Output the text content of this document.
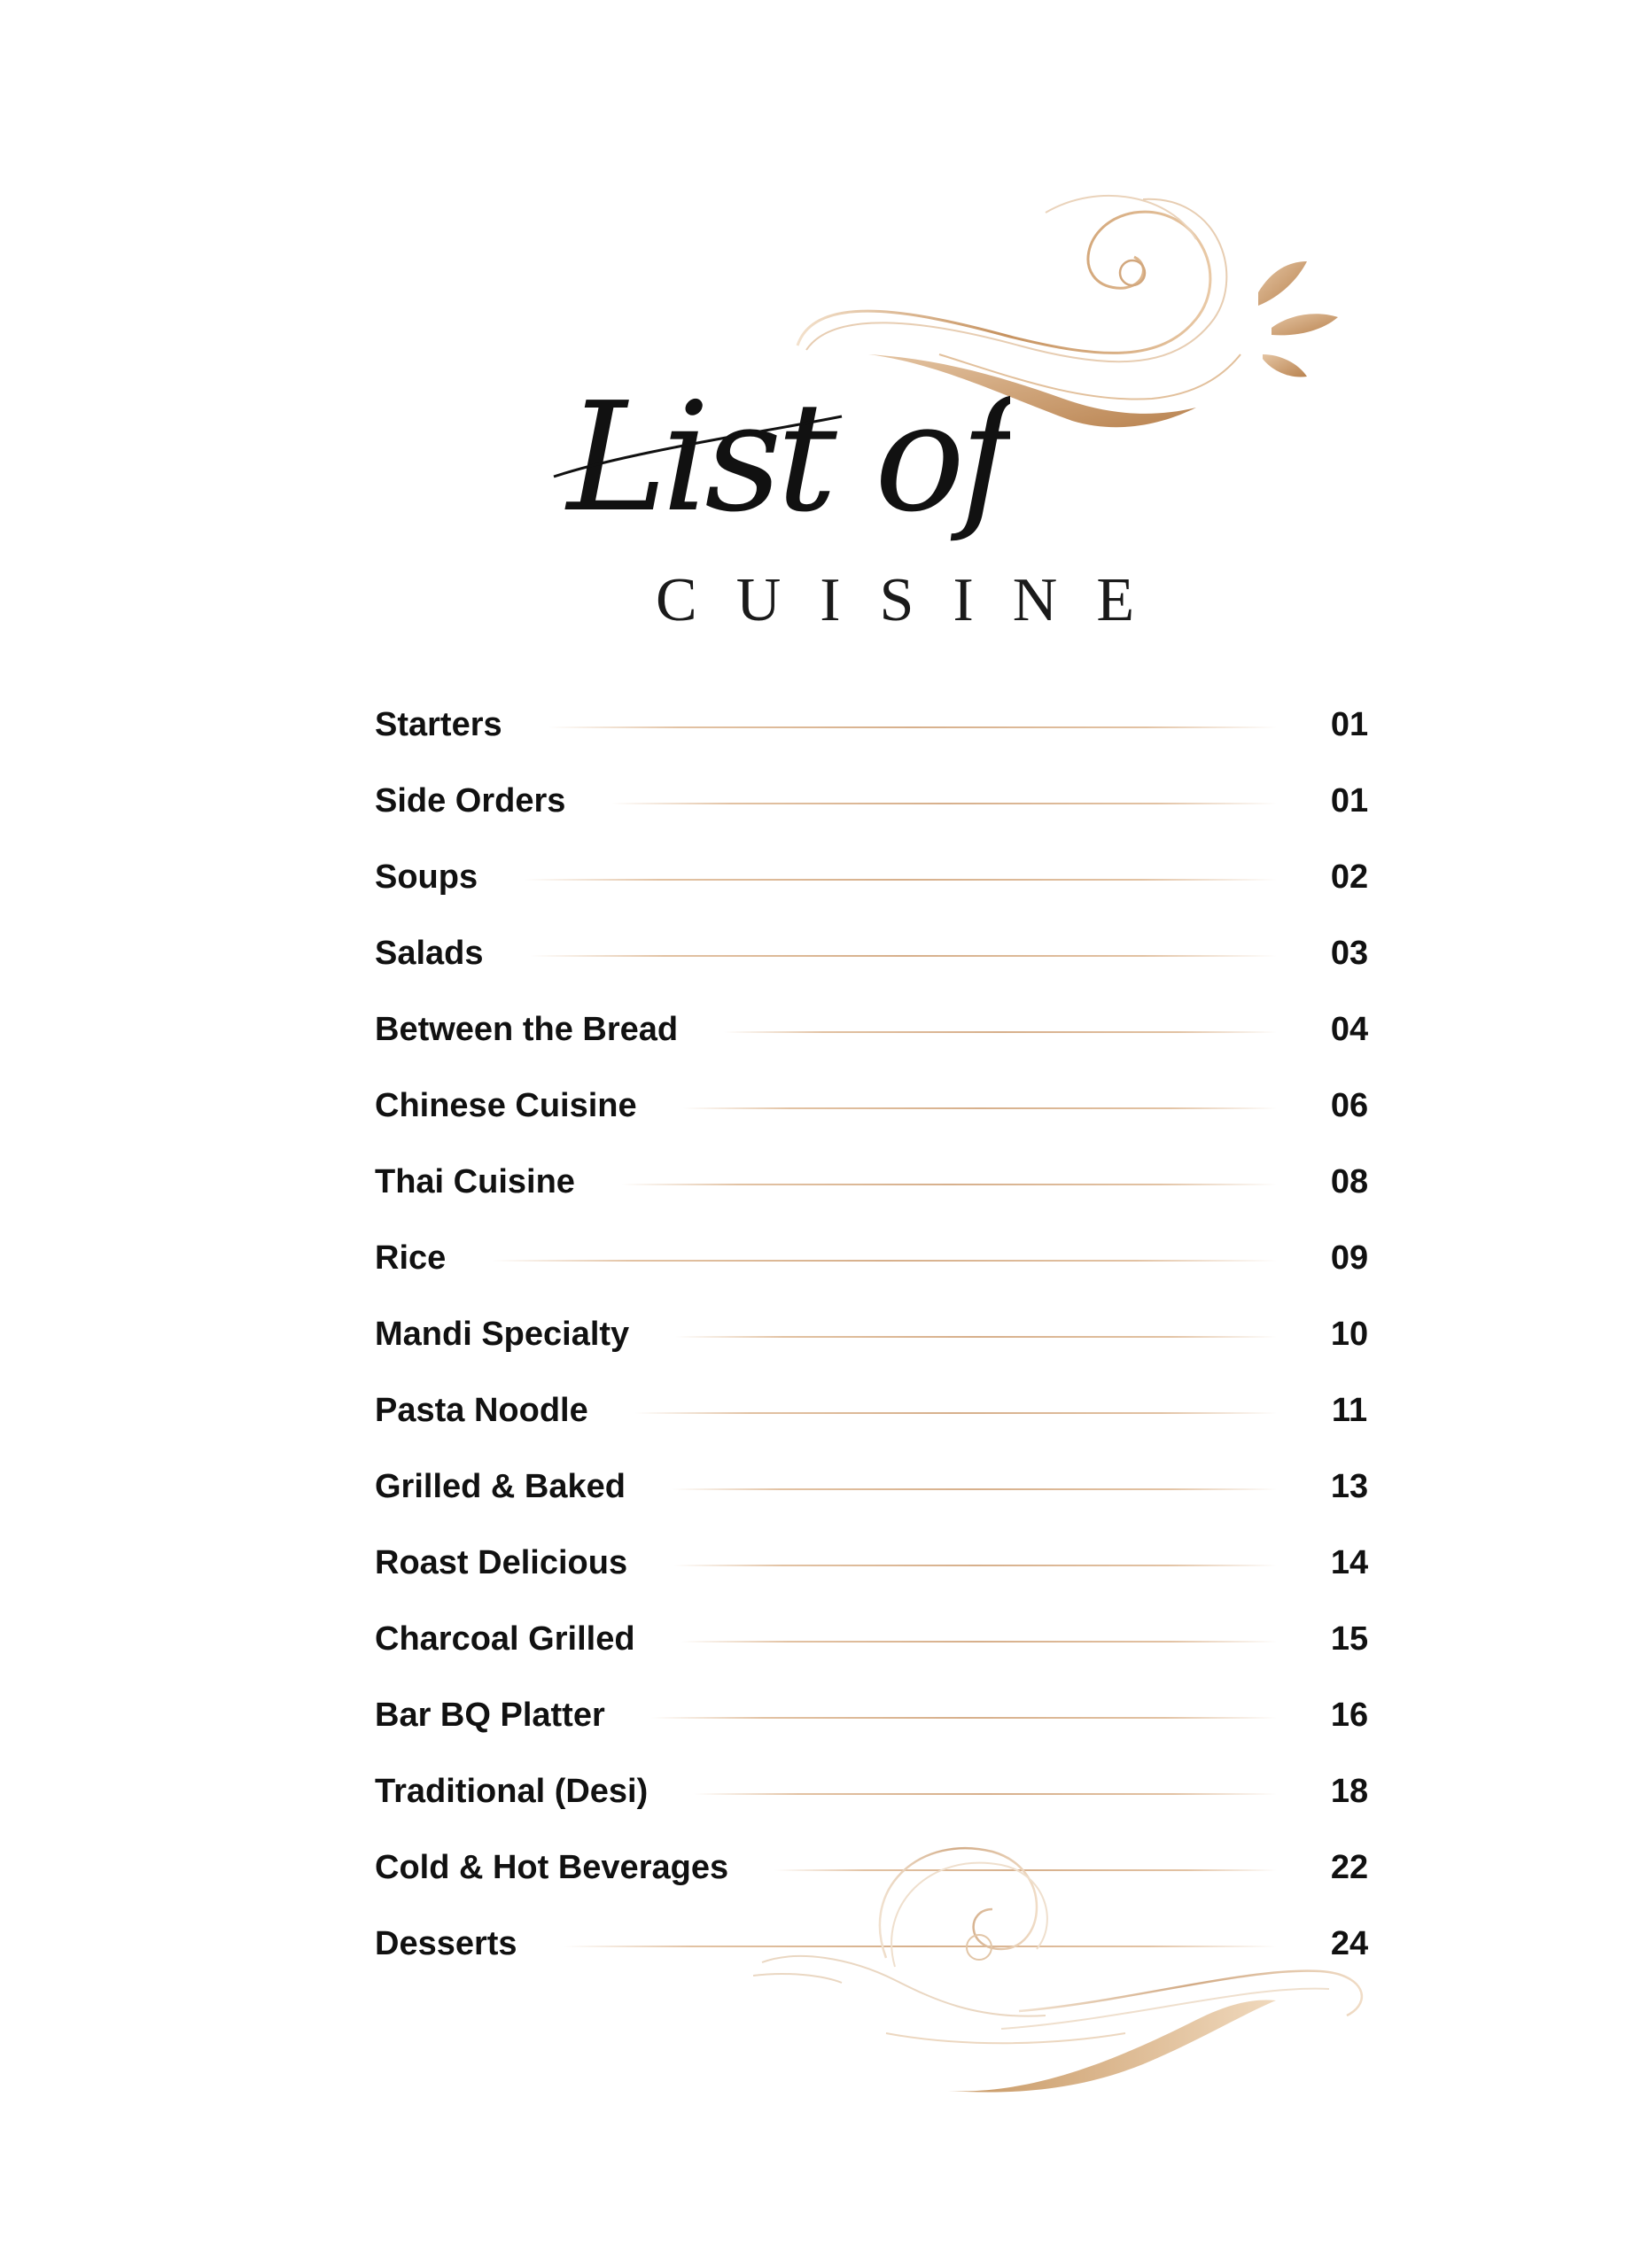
List of
CUISINE
Starters	01
Side Orders	01
Soups	02
Salads	03
Between the Bread	04
Chinese Cuisine	06
Thai Cuisine	08
Rice	09
Mandi Specialty	10
Pasta Noodle	11
Grilled & Baked	13
Roast Delicious	14
Charcoal Grilled	15
Bar BQ Platter	16
Traditional (Desi)	18
Cold & Hot Beverages	22
Desserts	24
